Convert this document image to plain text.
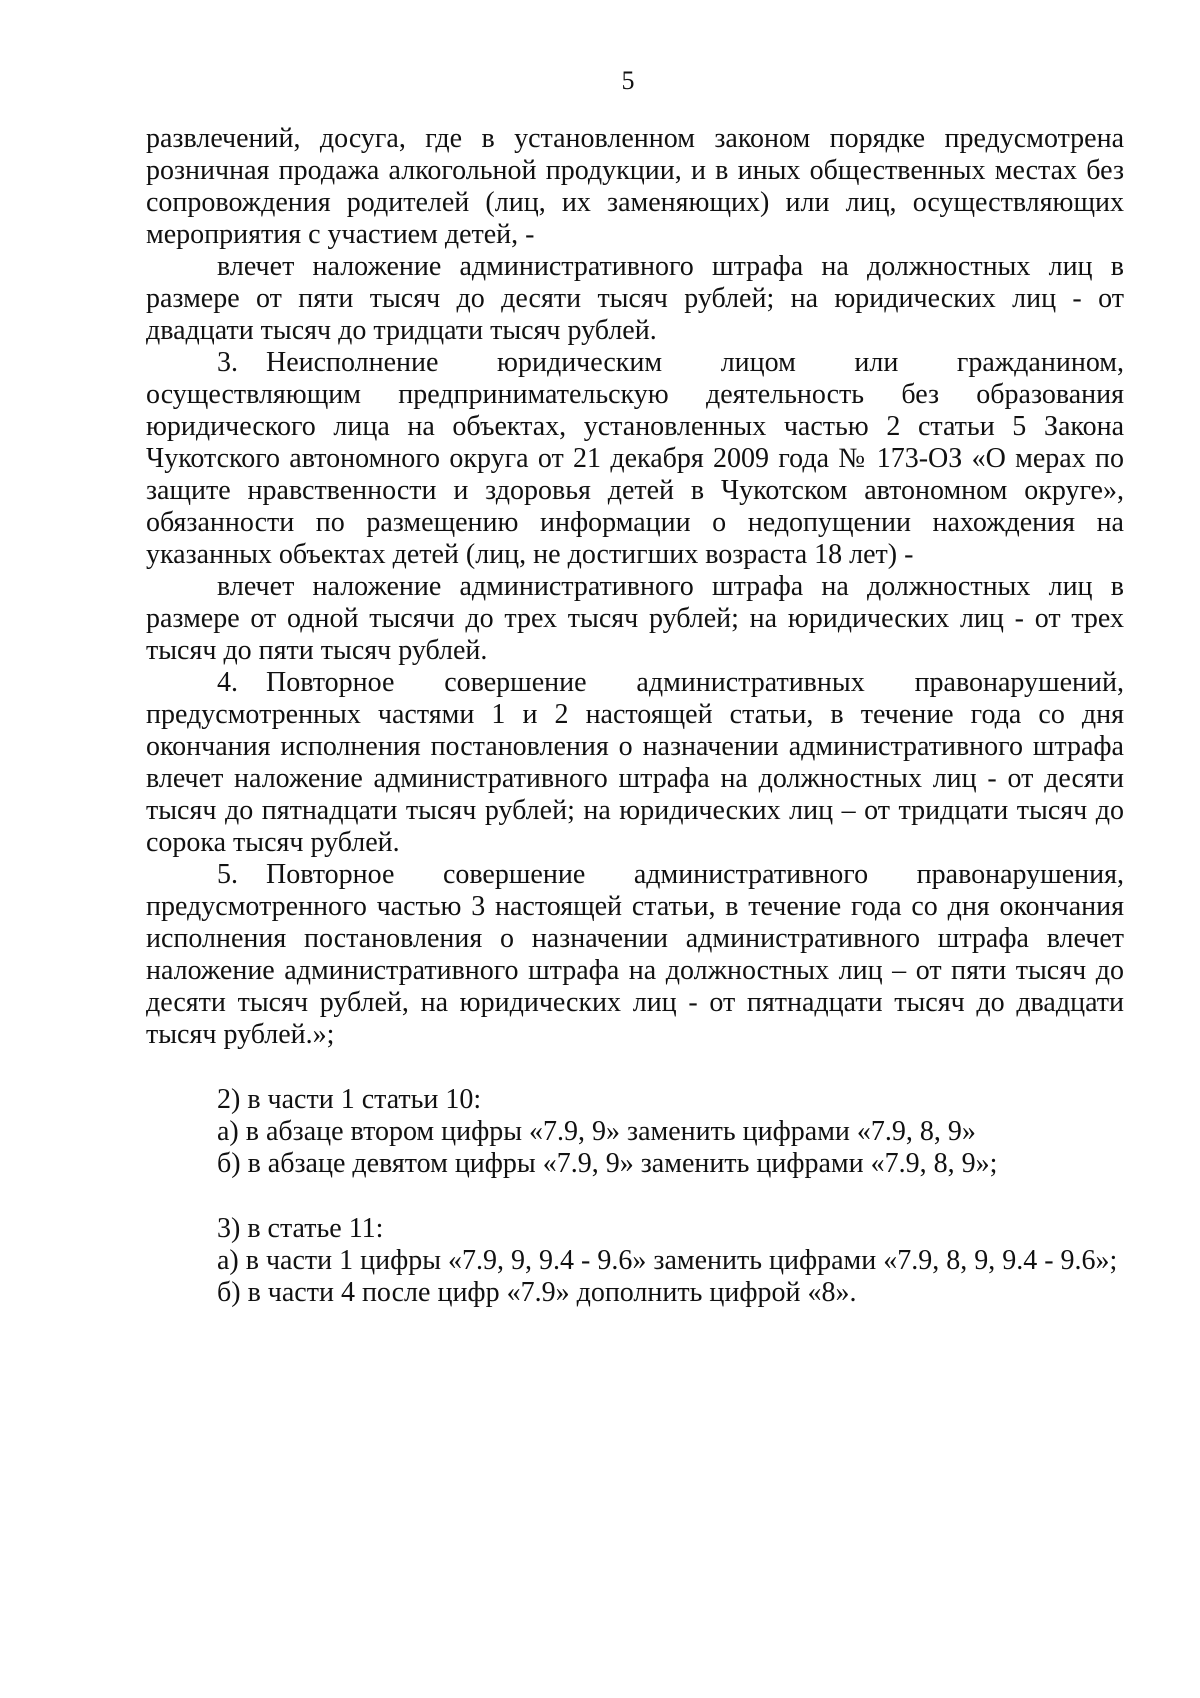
5

развлечений, досуга, где в установленном законом порядке предусмотрена розничная продажа алкогольной продукции, и в иных общественных местах без сопровождения родителей (лиц, их заменяющих) или лиц, осуществляющих мероприятия с участием детей, -

влечет наложение административного штрафа на должностных лиц в размере от пяти тысяч до десяти тысяч рублей; на юридических лиц - от двадцати тысяч до тридцати тысяч рублей.

3. Неисполнение юридическим лицом или гражданином, осуществляющим предпринимательскую деятельность без образования юридического лица на объектах, установленных частью 2 статьи 5 Закона Чукотского автономного округа от 21 декабря 2009 года № 173-ОЗ «О мерах по защите нравственности и здоровья детей в Чукотском автономном округе», обязанности по размещению информации о недопущении нахождения на указанных объектах детей (лиц, не достигших возраста 18 лет) -

влечет наложение административного штрафа на должностных лиц в размере от одной тысячи до трех тысяч рублей; на юридических лиц - от трех тысяч до пяти тысяч рублей.

4. Повторное совершение административных правонарушений, предусмотренных частями 1 и 2 настоящей статьи, в течение года со дня окончания исполнения постановления о назначении административного штрафа влечет наложение административного штрафа на должностных лиц - от десяти тысяч до пятнадцати тысяч рублей; на юридических лиц – от тридцати тысяч до сорока тысяч рублей.

5. Повторное совершение административного правонарушения, предусмотренного частью 3 настоящей статьи, в течение года со дня окончания исполнения постановления о назначении административного штрафа влечет наложение административного штрафа на должностных лиц – от пяти тысяч до десяти тысяч рублей, на юридических лиц - от пятнадцати тысяч до двадцати тысяч рублей.»;

2) в части 1 статьи 10:

а) в абзаце втором цифры «7.9, 9» заменить цифрами «7.9, 8, 9»

б) в абзаце девятом цифры «7.9, 9» заменить цифрами «7.9, 8, 9»;

3) в статье 11:

а) в части 1 цифры «7.9, 9, 9.4 - 9.6» заменить цифрами «7.9, 8, 9, 9.4 - 9.6»;

б) в части 4 после цифр «7.9» дополнить цифрой «8».
